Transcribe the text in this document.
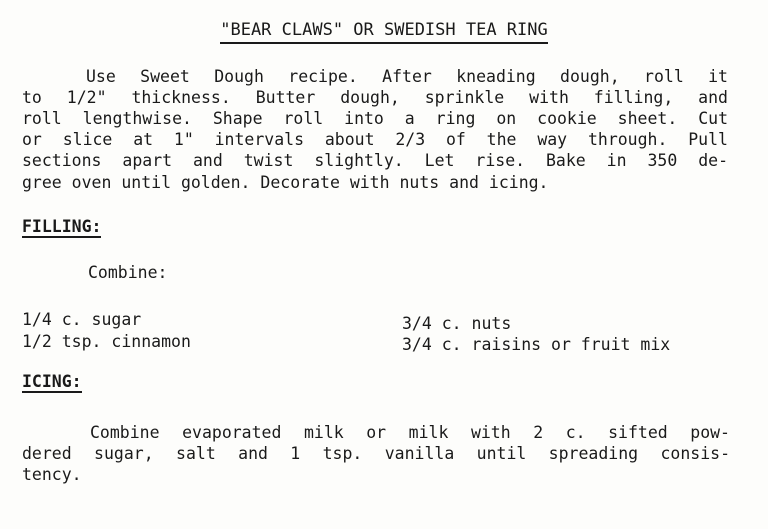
"BEAR CLAWS" OR SWEDISH TEA RING
Use Sweet Dough recipe. After kneading dough, roll it
to 1/2" thickness. Butter dough, sprinkle with filling, and
roll lengthwise. Shape roll into a ring on cookie sheet. Cut
or slice at 1" intervals about 2/3 of the way through. Pull
sections apart and twist slightly. Let rise. Bake in 350 de-
gree oven until golden. Decorate with nuts and icing.
FILLING:
Combine:
1/4 c. sugar
1/2 tsp. cinnamon
3/4 c. nuts
3/4 c. raisins or fruit mix
ICING:
Combine evaporated milk or milk with 2 c. sifted pow-
dered sugar, salt and 1 tsp. vanilla until spreading consis-
tency.
